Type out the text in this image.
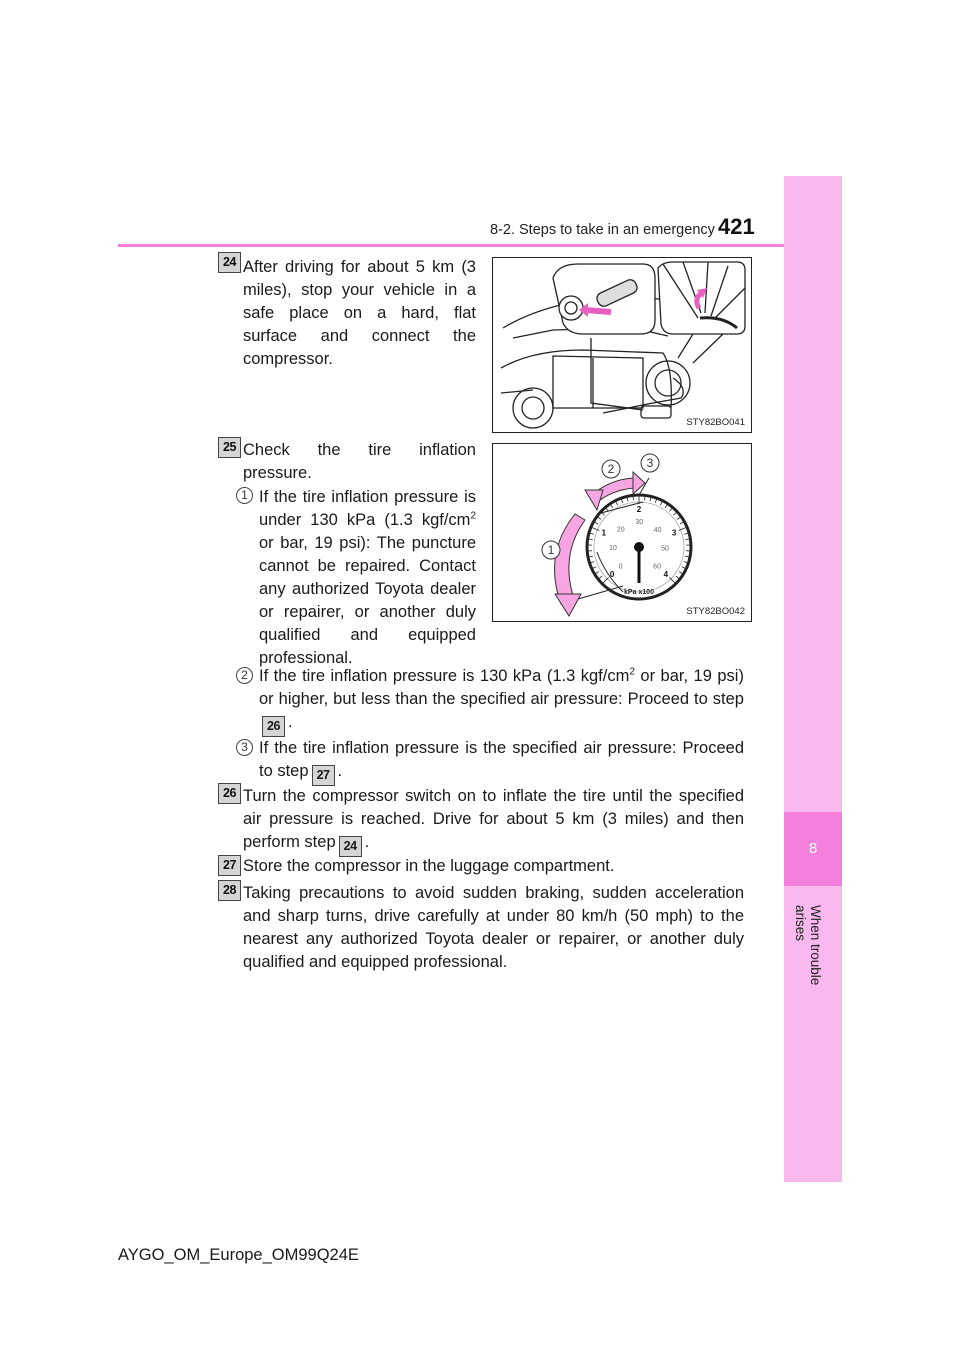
8
When trouble arises
8-2. Steps to take in an emergency 421
24 After driving for about 5 km (3 miles), stop your vehicle in a safe place on a hard, flat surface and connect the compressor.
STY82BO041
25 Check the tire inflation pressure.
1
2	3
0
1
2
3
4
0
10
20
30
40
50
60
kPa x100
STY82BO042
1 If the tire inflation pressure is under 130 kPa (1.3 kgf/$cm^2$ or bar, 19 psi): The puncture cannot be repaired. Contact any authorized Toyota dealer or repairer, or another duly qualified and equipped professional.
2 If the tire inflation pressure is 130 kPa (1.3 kgf/$cm^2$ or bar, 19 psi) or higher, but less than the specified air pressure: Proceed to step26 .
3 If the tire inflation pressure is the specified air pressure: Proceed to step 27 .
26 Turn the compressor switch on to inflate the tire until the specified air pressure is reached. Drive for about 5 km (3 miles) and then perform step 24 .
27 Store the compressor in the luggage compartment.
28 Taking precautions to avoid sudden braking, sudden acceleration and sharp turns, drive carefully at under 80 km/h (50 mph) to the nearest any authorized Toyota dealer or repairer, or another duly qualified and equipped professional.
AYGO_OM_Europe_OM99Q24E
